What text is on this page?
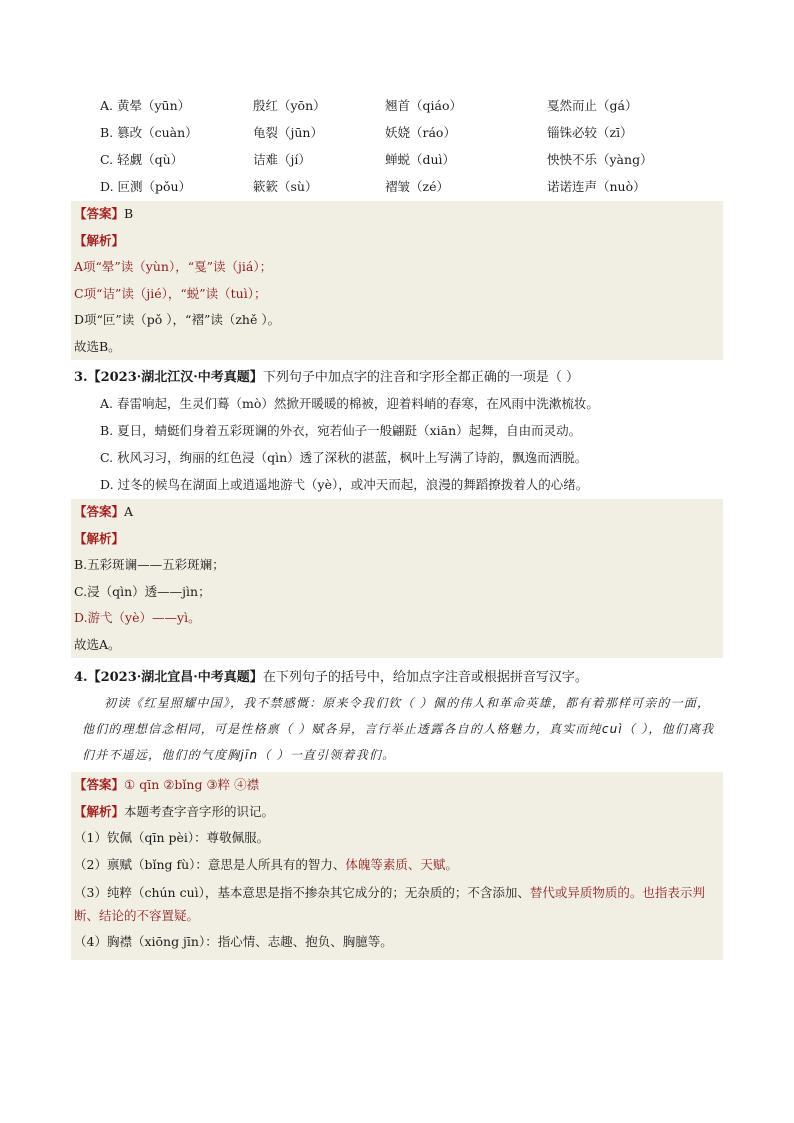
A. 黄晕（yūn）	殷红（yōn）	翘首（qiáo）	戛然而止（gá）
B. 篡改（cuàn）	龟裂（jūn）	妖娆（ráo）	锱铢必较（zī）
C. 轻觑（qù）	诘难（jí）	蝉蜕（duì）	怏怏不乐（yàng）
D. 叵测（pǒu）	簌簌（sù）	褶皱（zé）	诺诺连声（nuò）
【答案】B
【解析】
A项“晕”读（yùn），“戛”读（jiá）；
C项“诘”读（jié），“蜕”读（tuì）；
D项“叵”读（pǒ ），“褶”读（zhě ）。
故选B。
3.【2023·湖北江汉·中考真题】下列句子中加点字的注音和字形全都正确的一项是（ ）
A. 春雷响起，生灵们蓦（mò）然掀开暖暖的棉被，迎着料峭的春寒，在风雨中洗漱梳妆。
B. 夏日，蜻蜓们身着五彩斑谰的外衣，宛若仙子一般翩跹（xiān）起舞，自由而灵动。
C. 秋风习习，绚丽的红色浸（qìn）透了深秋的湛蓝，枫叶上写满了诗韵，飘逸而洒脱。
D. 过冬的候鸟在湖面上或逍遥地游弋（yè），或冲天而起，浪漫的舞蹈撩拨着人的心绪。
【答案】A
【解析】
B.五彩斑谰——五彩斑斓；
C.浸（qìn）透——jìn；
D.游弋（yè）——yì。
故选A。
4.【2023·湖北宜昌·中考真题】在下列句子的括号中，给加点字注音或根据拼音写汉字。
初读《红星照耀中国》，我不禁感慨：原来令我们钦（ ）佩的伟人和革命英雄，都有着那样可亲的一面，他们的理想信念相同，可是性格禀（ ）赋各异，言行举止透露各自的人格魅力，真实而纯cuì（ ），他们离我们并不遥远，他们的气度胸jīn（ ）一直引领着我们。
【答案】① qīn ②bǐng ③粹 ④襟
【解析】本题考查字音字形的识记。
（1）钦佩（qīn pèi）：尊敬佩服。
（2）禀赋（bǐng fù）：意思是人所具有的智力、体魄等素质、天赋。
（3）纯粹（chún cuì），基本意思是指不掺杂其它成分的；无杂质的；不含添加、替代或异质物质的。也指表示判断、结论的不容置疑。
（4）胸襟（xiōng jīn）：指心情、志趣、抱负、胸臆等。
